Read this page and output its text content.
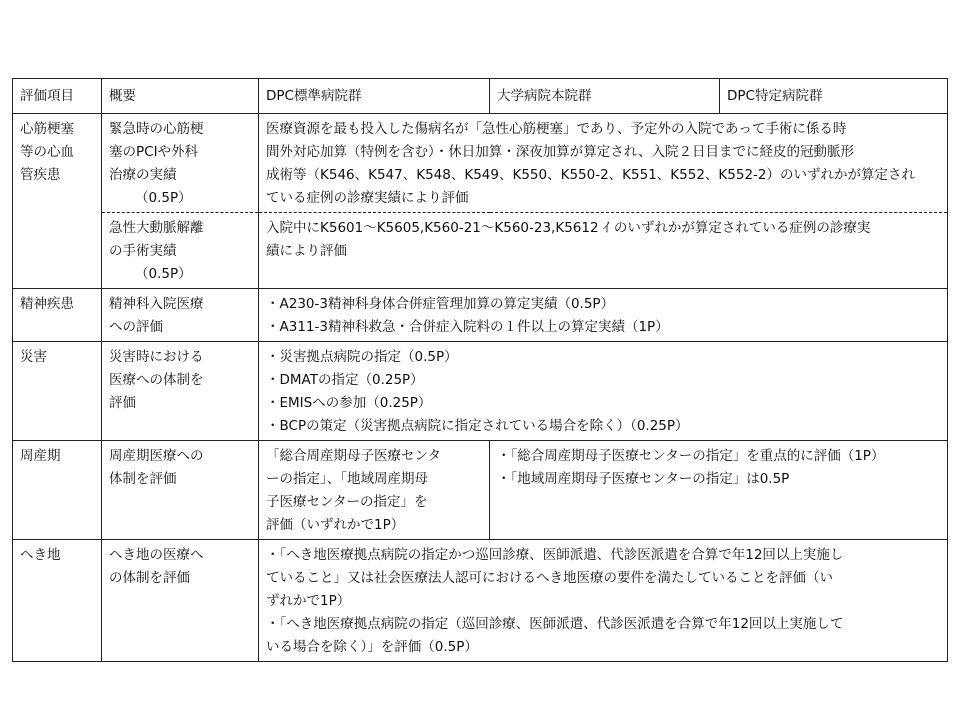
評価項目	概要	DPC標準病院群	大学病院本院群	DPC特定病院群

心筋梗塞
等の心血
管疾患	緊急時の心筋梗
塞のPCIや外科
治療の実績
（0.5P）	医療資源を最も投入した傷病名が「急性心筋梗塞」であり、予定外の入院であって手術に係る時
間外対応加算（特例を含む）・休日加算・深夜加算が算定され、入院２日目までに経皮的冠動脈形
成術等（K546、K547、K548、K549、K550、K550-2、K551、K552、K552-2）のいずれかが算定され
ている症例の診療実績により評価		

	急性大動脈解離
の手術実績
（0.5P）	入院中にK5601～K5605,K560-21～K560-23,K5612 ｲ のいずれかが算定されている症例の診療実
績により評価		

精神疾患	精神科入院医療
への評価	・A230-3精神科身体合併症管理加算の算定実績（0.5P）
・A311-3精神科救急・合併症入院料の１件以上の算定実績（1P）		

災害	災害時における
医療への体制を
評価	・災害拠点病院の指定（0.5P）
・DMATの指定（0.25P）
・EMISへの参加（0.25P）
・BCPの策定（災害拠点病院に指定されている場合を除く）（0.25P）		

周産期	周産期医療への
体制を評価	「総合周産期母子医療センタ
ーの指定」、「地域周産期母
子医療センターの指定」を
評価（いずれかで1P）	・「総合周産期母子医療センターの指定」を重点的に評価（1P）
・「地域周産期母子医療センターの指定」は0.5P	

へき地	へき地の医療へ
の体制を評価	・「へき地医療拠点病院の指定かつ巡回診療、医師派遣、代診医派遣を合算で年12回以上実施し
ていること」又は社会医療法人認可におけるへき地医療の要件を満たしていることを評価（い
ずれかで1P）
・「へき地医療拠点病院の指定（巡回診療、医師派遣、代診医派遣を合算で年12回以上実施して
いる場合を除く）」を評価（0.5P）		
